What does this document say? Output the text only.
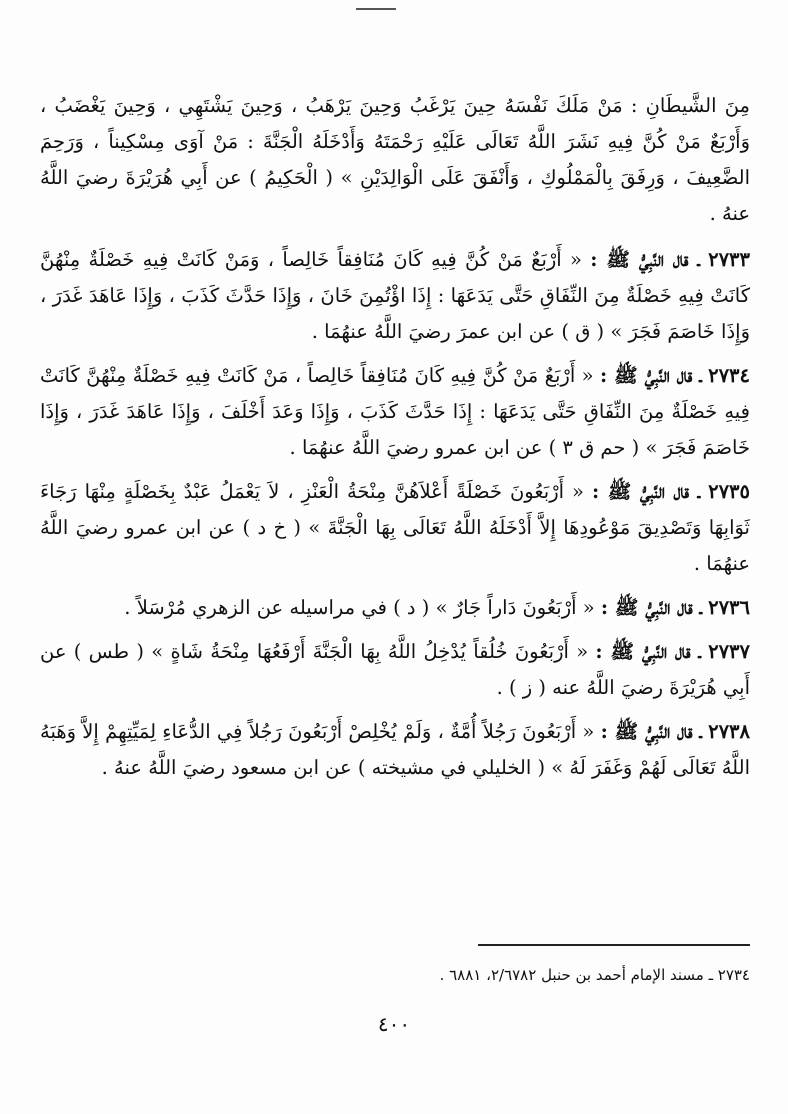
مِنَ الشَّيطَانِ : مَنْ مَلَكَ نَفْسَهُ حِينَ يَرْغَبُ وَحِينَ يَرْهَبُ ، وَحِينَ يَشْتَهِي ، وَحِينَ يَغْضَبُ ، وَأَرْبَعٌ مَنْ كُنَّ فِيهِ نَشَرَ اللَّهُ تَعَالَى عَلَيْهِ رَحْمَتَهُ وَأَدْخَلَهُ الْجَنَّةَ : مَنْ آوَى مِسْكِيناً ، وَرَحِمَ الضَّعِيفَ ، وَرِفَقَ بِالْمَمْلُوكِ ، وَأَنْفَقَ عَلَى الْوَالِدَيْنِ » ( الْحَكِيمُ ) عن أَبِي هُرَيْرَةَ رضيَ اللَّهُ عنهُ .

٢٧٣٣ ـ قال النَّبِيُّ ﷺ : « أَرْبَعٌ مَنْ كُنَّ فِيهِ كَانَ مُنَافِقاً خَالِصاً ، وَمَنْ كَانَتْ فِيهِ خَصْلَةٌ مِنْهُنَّ كَانَتْ فِيهِ خَصْلَةٌ مِنَ النِّفَاقِ حَتَّى يَدَعَهَا : إِذَا اؤْتُمِنَ خَانَ ، وَإِذَا حَدَّثَ كَذَبَ ، وَإِذَا عَاهَدَ غَدَرَ ، وَإِذَا خَاصَمَ فَجَرَ » ( ق ) عن ابن عمرَ رضيَ اللَّهُ عنهُمَا .

٢٧٣٤ ـ قال النَّبِيُّ ﷺ : « أَرْبَعٌ مَنْ كُنَّ فِيهِ كَانَ مُنَافِقاً خَالِصاً ، مَنْ كَانَتْ فِيهِ خَصْلَةٌ مِنْهُنَّ كَانَتْ فِيهِ خَصْلَةٌ مِنَ النِّفَاقِ حَتَّى يَدَعَهَا : إِذَا حَدَّثَ كَذَبَ ، وَإِذَا وَعَدَ أَخْلَفَ ، وَإِذَا عَاهَدَ غَدَرَ ، وَإِذَا خَاصَمَ فَجَرَ » ( حم ق ٣ ) عن ابن عمرو رضيَ اللَّهُ عنهُمَا .

٢٧٣٥ ـ قال النَّبِيُّ ﷺ : « أَرْبَعُونَ خَصْلَةً أَعْلاَهُنَّ مِنْحَةُ الْعَنْزِ ، لاَ يَعْمَلُ عَبْدٌ بِخَصْلَةٍ مِنْهَا رَجَاءَ ثَوَابِهَا وَتَصْدِيقَ مَوْعُودِهَا إِلاَّ أَدْخَلَهُ اللَّهُ تَعَالَى بِهَا الْجَنَّةَ » ( خ د ) عن ابن عمرو رضيَ اللَّهُ عنهُمَا .

٢٧٣٦ ـ قال النَّبِيُّ ﷺ : « أَرْبَعُونَ دَاراً جَارٌ » ( د ) في مراسيله عن الزهري مُرْسَلاً .

٢٧٣٧ ـ قال النَّبِيُّ ﷺ : « أَرْبَعُونَ خُلُقاً يُدْخِلُ اللَّهُ بِهَا الْجَنَّةَ أَرْفَعُهَا مِنْحَةُ شَاةٍ » ( طس ) عن أَبِي هُرَيْرَةَ رضيَ اللَّهُ عنه ( ز ) .

٢٧٣٨ ـ قال النَّبِيُّ ﷺ : « أَرْبَعُونَ رَجُلاً أُمَّةٌ ، وَلَمْ يُخْلِصْ أَرْبَعُونَ رَجُلاً فِي الدُّعَاءِ لِمَيِّتِهِمْ إِلاَّ وَهَبَهُ اللَّهُ تَعَالَى لَهُمْ وَغَفَرَ لَهُ » ( الخليلي في مشيخته ) عن ابن مسعود رضيَ اللَّهُ عنهُ .

٢٧٣٤ ـ مسند الإمام أحمد بن حنبل ٢/٦٧٨٢، ٦٨٨١ .
٤٠٠
